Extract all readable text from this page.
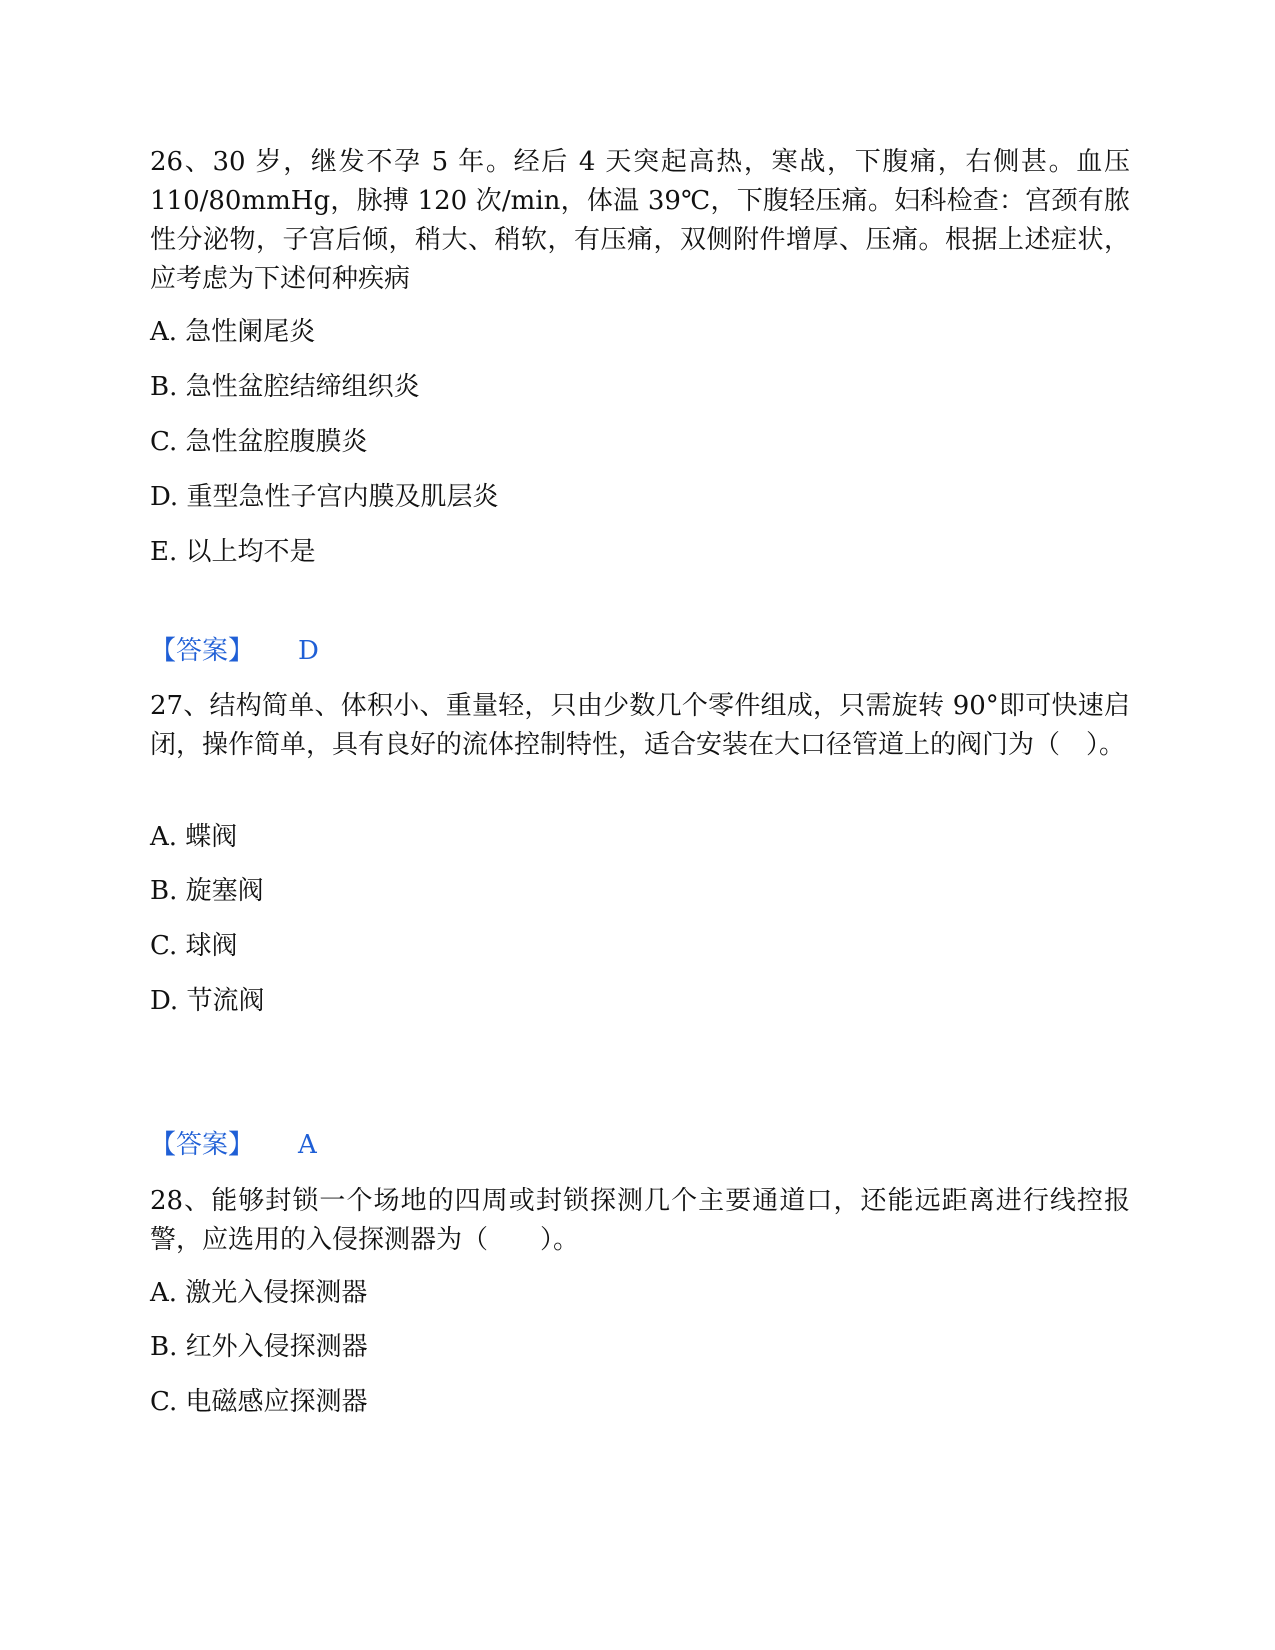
26、30 岁，继发不孕 5 年。经后 4 天突起高热，寒战，下腹痛，右侧甚。血压 110/80mmHg，脉搏 120 次/min，体温 39℃，下腹轻压痛。妇科检查：宫颈有脓性分泌物，子宫后倾，稍大、稍软，有压痛，双侧附件增厚、压痛。根据上述症状，应考虑为下述何种疾病

A. 急性阑尾炎
B. 急性盆腔结缔组织炎
C. 急性盆腔腹膜炎
D. 重型急性子宫内膜及肌层炎
E. 以上均不是
【答案】 D

27、结构简单、体积小、重量轻，只由少数几个零件组成，只需旋转 90°即可快速启闭，操作简单，具有良好的流体控制特性，适合安装在大口径管道上的阀门为（　）。

A. 蝶阀
B. 旋塞阀
C. 球阀
D. 节流阀
【答案】 A

28、能够封锁一个场地的四周或封锁探测几个主要通道口，还能远距离进行线控报警，应选用的入侵探测器为（　　）。

A. 激光入侵探测器
B. 红外入侵探测器
C. 电磁感应探测器
